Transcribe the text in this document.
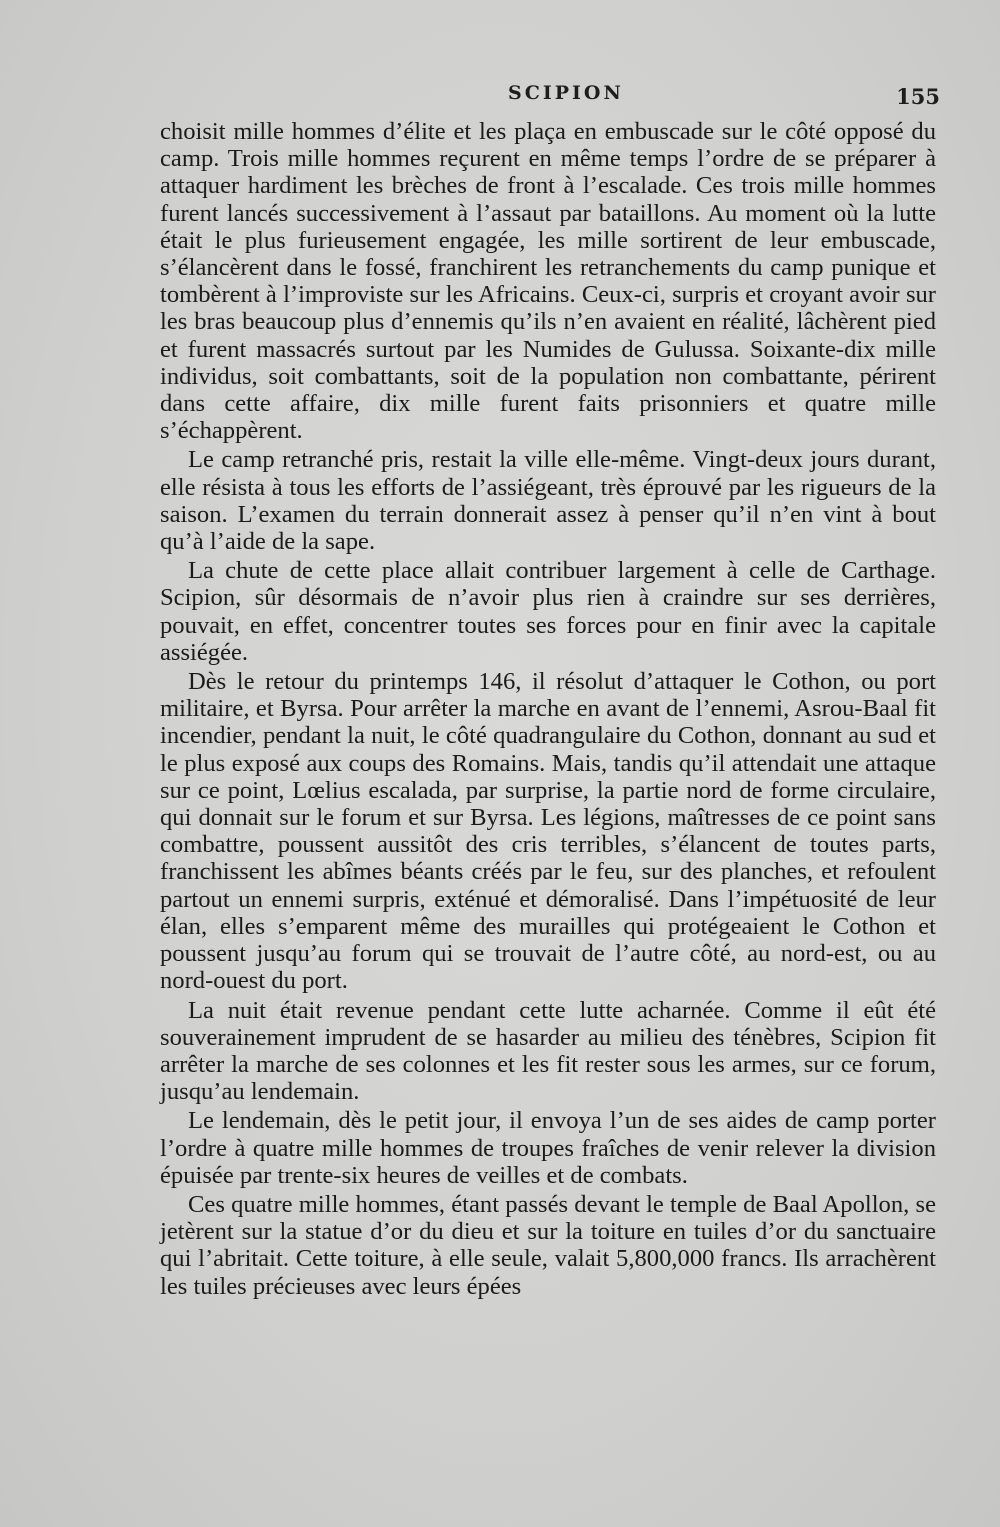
SCIPION	155

choisit mille hommes d’élite et les plaça en embuscade sur le côté opposé du camp. Trois mille hommes reçurent en même temps l’ordre de se préparer à attaquer hardiment les brèches de front à l’escalade. Ces trois mille hommes furent lancés successivement à l’assaut par bataillons. Au moment où la lutte était le plus furieusement engagée, les mille sortirent de leur embuscade, s’élancèrent dans le fossé, franchirent les retranchements du camp punique et tombèrent à l’improviste sur les Africains. Ceux-ci, surpris et croyant avoir sur les bras beaucoup plus d’ennemis qu’ils n’en avaient en réalité, lâchèrent pied et furent massacrés surtout par les Numides de Gulussa. Soixante-dix mille individus, soit combattants, soit de la population non combattante, périrent dans cette affaire, dix mille furent faits prisonniers et quatre mille s’échappèrent.

Le camp retranché pris, restait la ville elle-même. Vingt-deux jours durant, elle résista à tous les efforts de l’assiégeant, très éprouvé par les rigueurs de la saison. L’examen du terrain donnerait assez à penser qu’il n’en vint à bout qu’à l’aide de la sape.

La chute de cette place allait contribuer largement à celle de Carthage. Scipion, sûr désormais de n’avoir plus rien à craindre sur ses derrières, pouvait, en effet, concentrer toutes ses forces pour en finir avec la capitale assiégée.

Dès le retour du printemps 146, il résolut d’attaquer le Cothon, ou port militaire, et Byrsa. Pour arrêter la marche en avant de l’ennemi, Asrou-Baal fit incendier, pendant la nuit, le côté quadrangulaire du Cothon, donnant au sud et le plus exposé aux coups des Romains. Mais, tandis qu’il attendait une attaque sur ce point, Lœlius escalada, par surprise, la partie nord de forme circulaire, qui donnait sur le forum et sur Byrsa. Les légions, maîtresses de ce point sans combattre, poussent aussitôt des cris terribles, s’élancent de toutes parts, franchissent les abîmes béants créés par le feu, sur des planches, et refoulent partout un ennemi surpris, exténué et démoralisé. Dans l’impétuosité de leur élan, elles s’emparent même des murailles qui protégeaient le Cothon et poussent jusqu’au forum qui se trouvait de l’autre côté, au nord-est, ou au nord-ouest du port.

La nuit était revenue pendant cette lutte acharnée. Comme il eût été souverainement imprudent de se hasarder au milieu des ténèbres, Scipion fit arrêter la marche de ses colonnes et les fit rester sous les armes, sur ce forum, jusqu’au lendemain.

Le lendemain, dès le petit jour, il envoya l’un de ses aides de camp porter l’ordre à quatre mille hommes de troupes fraîches de venir relever la division épuisée par trente-six heures de veilles et de combats.

Ces quatre mille hommes, étant passés devant le temple de Baal Apollon, se jetèrent sur la statue d’or du dieu et sur la toiture en tuiles d’or du sanctuaire qui l’abritait. Cette toiture, à elle seule, valait 5,800,000 francs. Ils arrachèrent les tuiles précieuses avec leurs épées
